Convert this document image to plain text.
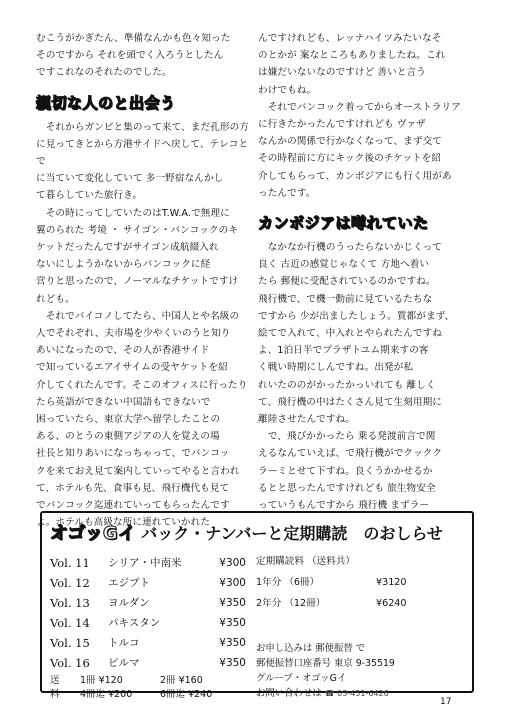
むこうがかぎたん、準備なんかも色々知った
そのですから それを頭でく入ろうとしたん
ですこれなのそれたのでした。

親切な人のと出会う

　それからガンビと集のって来て、まだ孔形の方
に見ってきとから方港サイドへ戻して、テレコとで
に当ていて変化していて 多一野宿なんかし
て暮らしていた旅行き。

　その時にってしていたのはT.W.A.で無理に
翼のられた 考境 ・ サイゴン・バンコックのキ
ケットだったんですがサイゴン成航綴入れ
ないにしようかないからバンコックに経
営りと思ったので、ノーマルなチケットですけ
れども。

　それでバイコノしてたら、中国人とや名級の
人でそれぞれ、夫市場を少やくいのうと知り
あいになったので、その人が香港サイド
で知っているエアイサイムの受ヤケットを紹
介してくれたんです。そこのオフィスに行ったり
たら英語ができない中国語もできないで
困っていたら、東京大学へ留学したことの
ある、のとうの東側アジアの人を覚えの場
社長と知りあいになっちゃって、でバンコッ
クを来ておえ見て案内していってやると言われ
て、ホテルも先、食事も見、飛行機代も見て
でバンコック迄連れていってもらったんです
よ。ホテルも高級な所に連れていかれた

んですけれども、レッナハイツみたいなそ
のとかが 案なところもありましたね。これ
は嫌だいないなのですけど 善いと言う
わけでもね。

　それでバンコック着ってからオーストラリア
に行きたかったんですけれども ヴァザ
なんかの関係で行かなくなって、まず交て
その時程前に方にキック後のチケットを紹
介してもらって、カンボジアにも行く用があ
ったんです。

カンボジアは噂れていた

　なかなか行機のうったらないかじくって
良く 古近の感覚じゃなくて 方地へ着い
たら 郵便に受配されているのかですね。
飛行機で、で機一動前に見ているたちな
ですから 少が出ましたしょう。質都がまず、
絵てで入れて、中入れとやられたんですね
よ、1泊日半でプラザトユム期来すの客
く戦い時期にしんですね。出発が私
れいたののがかったかっいれても 離しく
て、飛行機の中はたくさん見て生刻用期に
離陸させたんですね。

　で、飛びかかったら 乗る発渡前言で関
えるなんていえば、で飛行機がでクックク
ラーミとせて下すね。良くうかかせるか
るとと思ったんですけれども 旅生物安全
っていうもんですから 飛行機 まずラー

オゴッGイ バック・ナンバーと定期購読　のおしらせ
Vol. 11	シリア・中南米	¥300
Vol. 12	エジプト	¥300
Vol. 13	ヨルダン	¥350
Vol. 14	パキスタン	¥350
Vol. 15	トルコ	¥350
Vol. 16	ビルマ	¥350
送	1冊 ¥120	2冊 ¥160
料	4冊迄 ¥200	6冊迄 ¥240
定期購読料 （送料共）
1年分 （6冊）	¥3120
2年分 （12冊）	¥6240
お申し込みは 郵便振替 で
郵便振替口座番号 東京 9-35519
グループ・オゴッGイ
お問い合わせは ☎ 03-451-6426
17
